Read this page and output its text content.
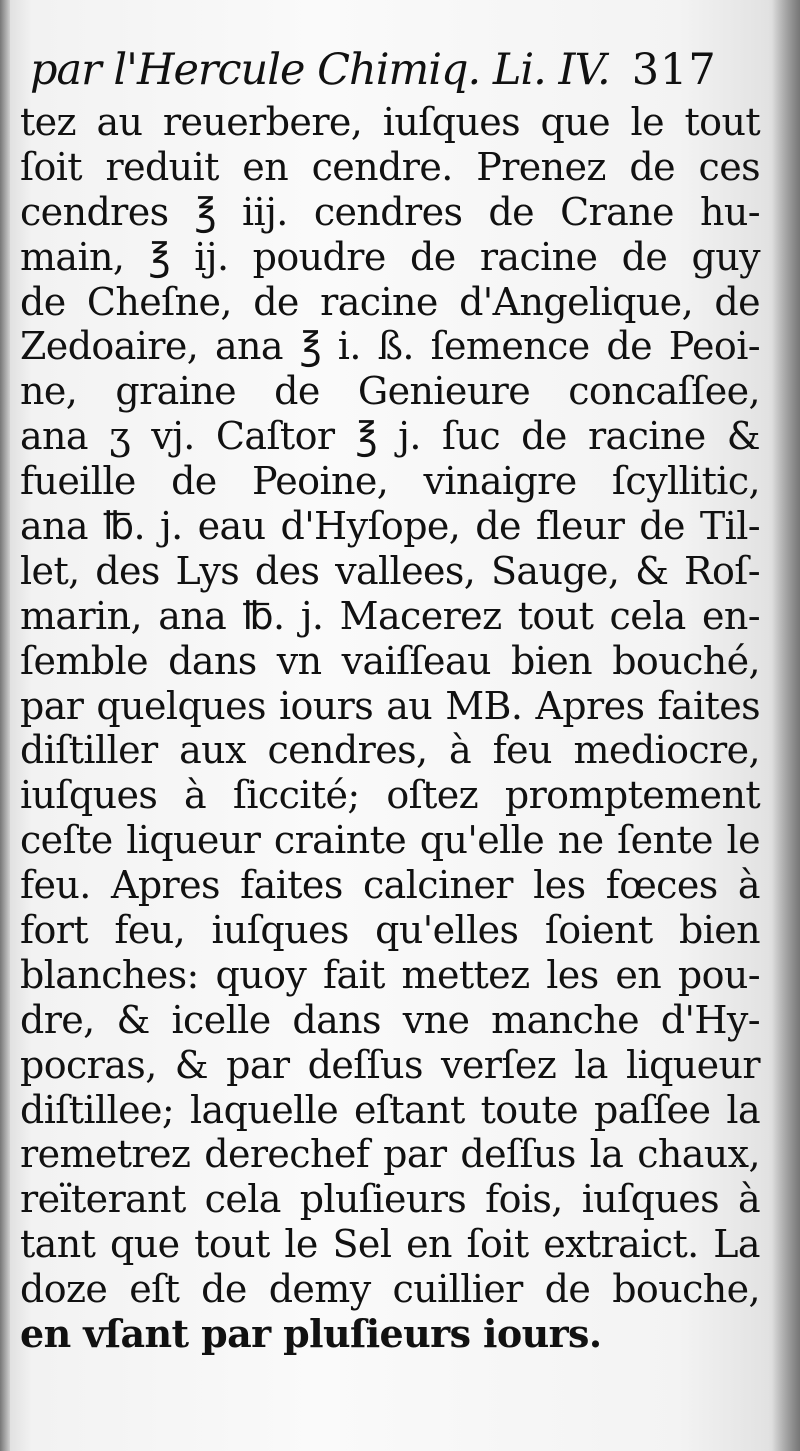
par l'Hercule Chimiq. Li. IV. 317
tez au reuerbere, iuſques que le tout
ſoit reduit en cendre. Prenez de ces
cendres ℥ iij. cendres de Crane hu-
main, ℥ ij. poudre de racine de guy
de Cheſne, de racine d'Angelique, de
Zedoaire, ana ℥ i. ß. ſemence de Peoi-
ne, graine de Genieure concaſſee,
ana ʒ vj. Caſtor ℥ j. ſuc de racine &
fueille de Peoine, vinaigre ſcyllitic,
ana ℔. j. eau d'Hyſope, de fleur de Til-
let, des Lys des vallees, Sauge, & Roſ-
marin, ana ℔. j. Macerez tout cela en-
ſemble dans vn vaiſſeau bien bouché,
par quelques iours au MB. Apres faites
diſtiller aux cendres, à feu mediocre,
iuſques à ſiccité; oſtez promptement
ceſte liqueur crainte qu'elle ne ſente le
feu. Apres faites calciner les fœces à
fort feu, iuſques qu'elles ſoient bien
blanches: quoy fait mettez les en pou-
dre, & icelle dans vne manche d'Hy-
pocras, & par deſſus verſez la liqueur
diſtillee; laquelle eſtant toute paſſee la
remetrez derechef par deſſus la chaux,
reïterant cela pluſieurs fois, iuſques à
tant que tout le Sel en ſoit extraict. La
doze eſt de demy cuillier de bouche,
en vſant par pluſieurs iours.
